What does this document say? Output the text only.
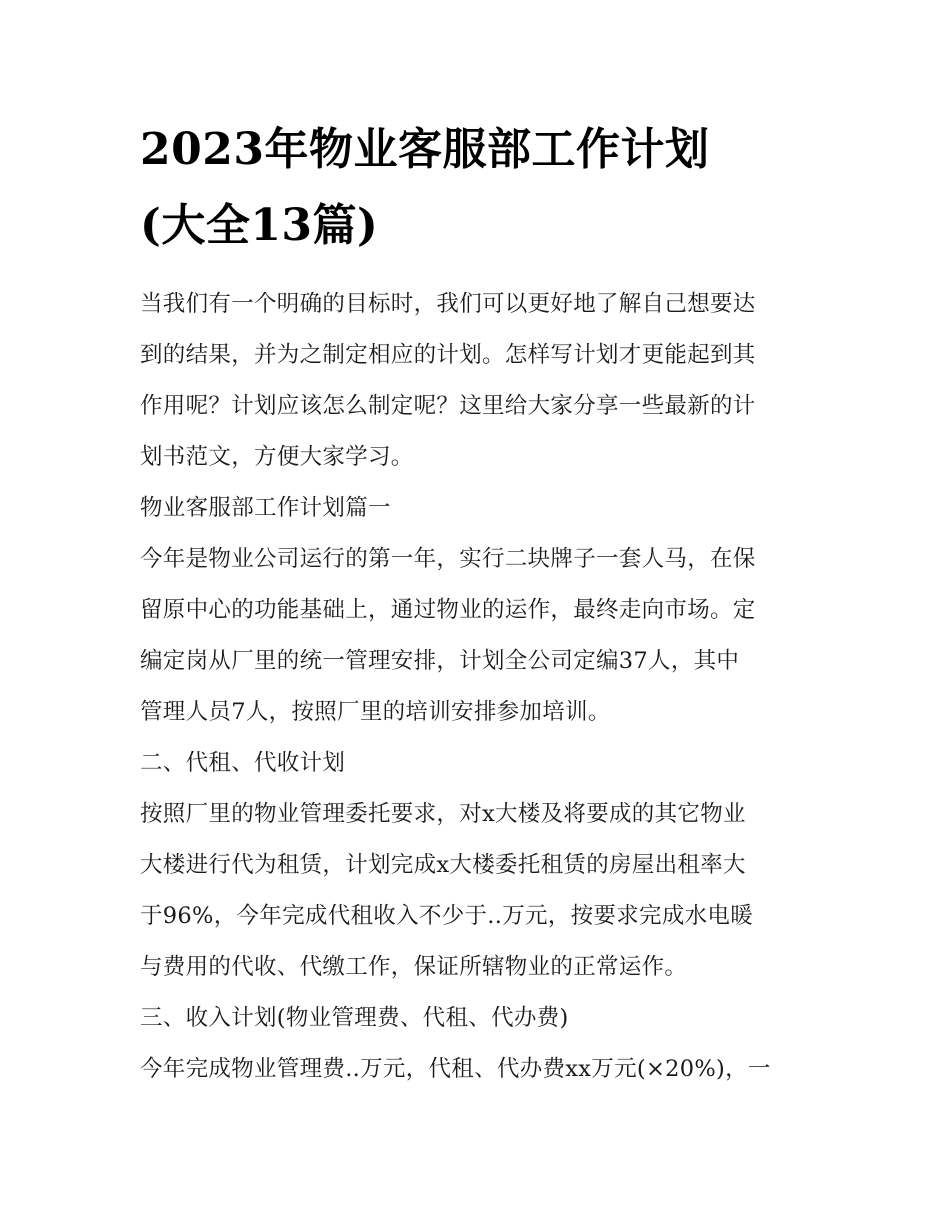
2023年物业客服部工作计划
(大全13篇)

当我们有一个明确的目标时，我们可以更好地了解自己想要达
到的结果，并为之制定相应的计划。怎样写计划才更能起到其
作用呢？计划应该怎么制定呢？这里给大家分享一些最新的计
划书范文，方便大家学习。

物业客服部工作计划篇一

今年是物业公司运行的第一年，实行二块牌子一套人马，在保
留原中心的功能基础上，通过物业的运作，最终走向市场。定
编定岗从厂里的统一管理安排，计划全公司定编37人，其中
管理人员7人，按照厂里的培训安排参加培训。

二、代租、代收计划

按照厂里的物业管理委托要求，对x大楼及将要成的其它物业
大楼进行代为租赁，计划完成x大楼委托租赁的房屋出租率大
于96%，今年完成代租收入不少于..万元，按要求完成水电暖
与费用的代收、代缴工作，保证所辖物业的正常运作。

三、收入计划(物业管理费、代租、代办费)

今年完成物业管理费..万元，代租、代办费xx万元(×20%)，一
